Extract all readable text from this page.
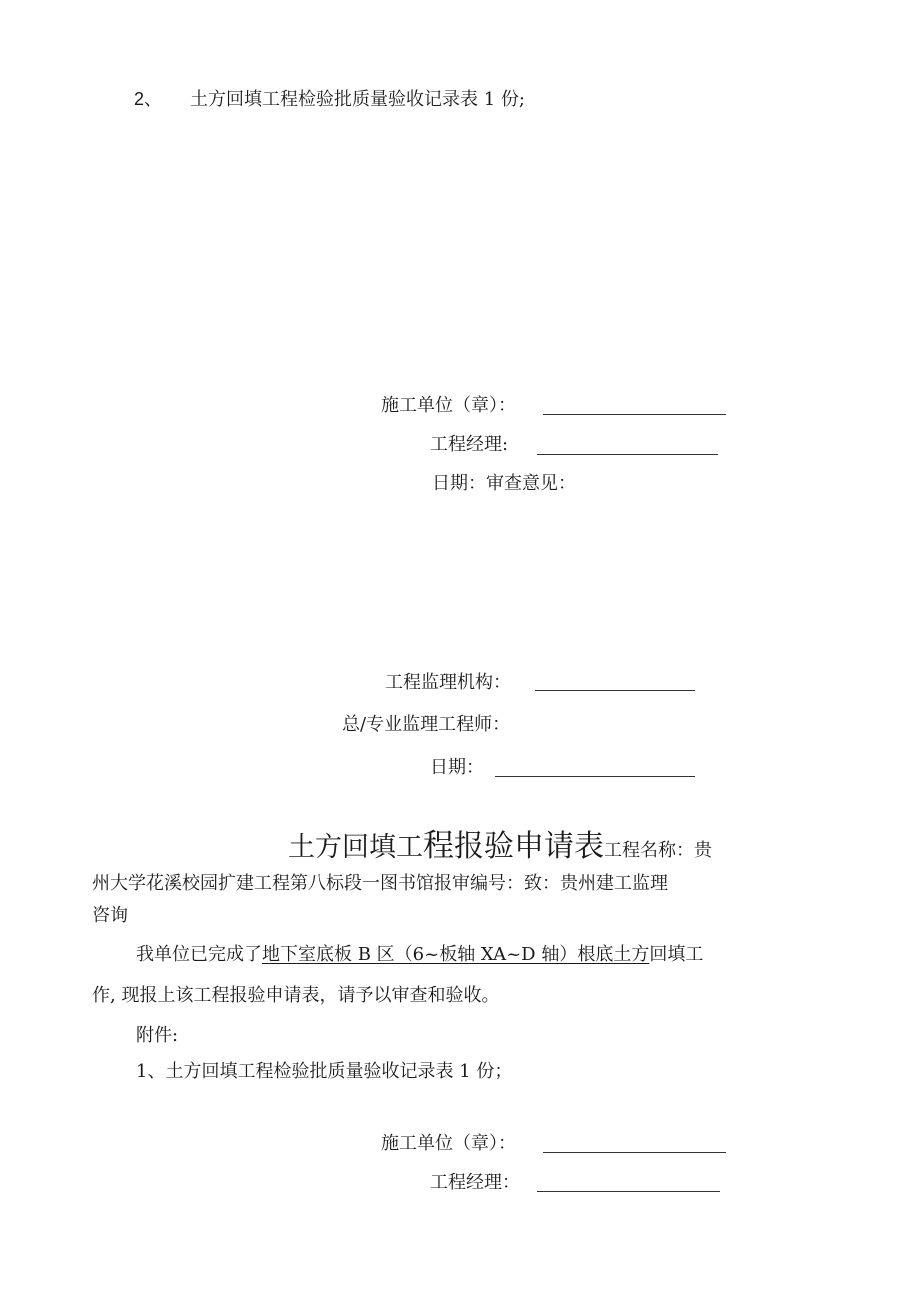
2、 土方回填工程检验批质量验收记录表 1 份;
施工单位（章）：
工程经理:
日期：审查意见：
工程监理机构：
总/专业监理工程师：
日期：
土方回填工程报验申请表工程名称：贵
州大学花溪校园扩建工程第八标段一图书馆报审编号：致：贵州建工监理
咨询
我单位已完成了地下室底板 B 区（6~板轴 XA~D 轴）根底土方回填工
作, 现报上该工程报验申请表，请予以审查和验收。
附件:
1、土方回填工程检验批质量验收记录表 1 份；
施工单位（章）：
工程经理：
